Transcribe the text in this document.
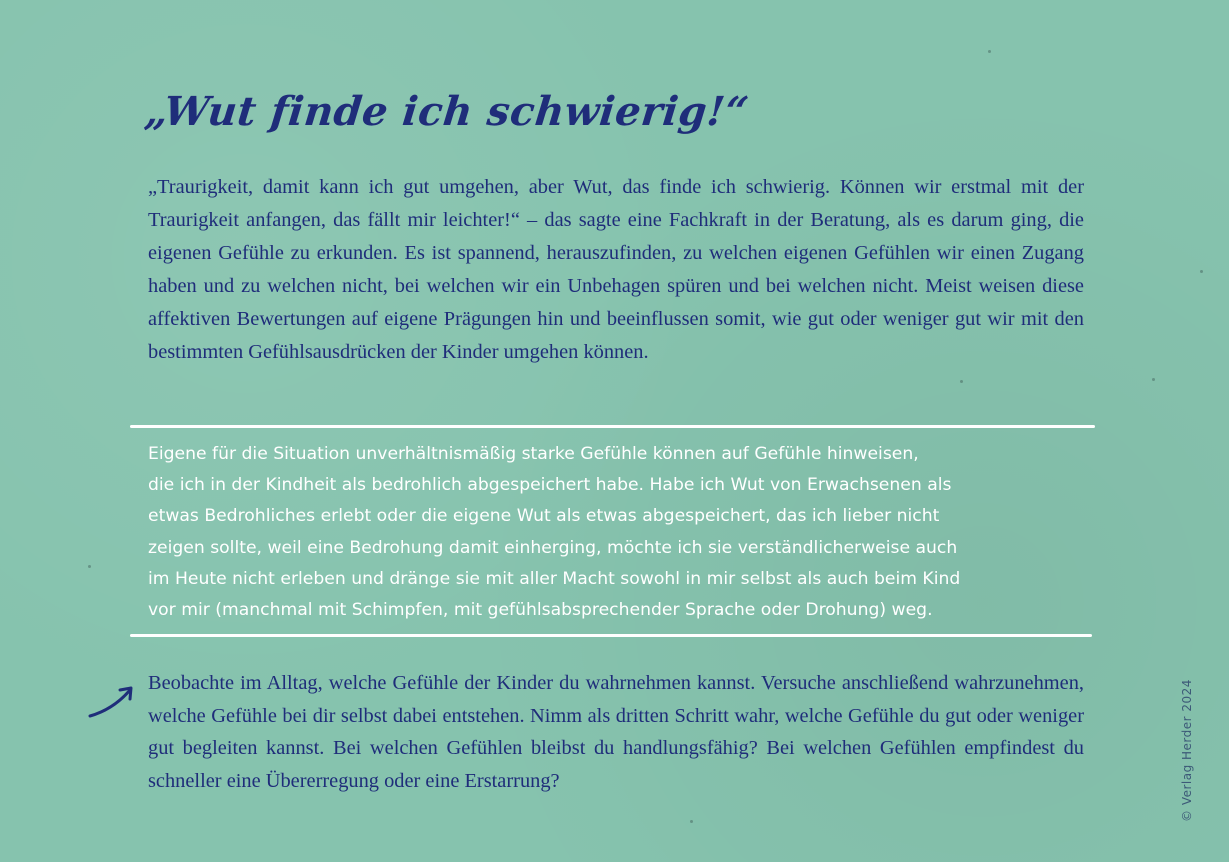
„Wut finde ich schwierig!“

„Traurigkeit, damit kann ich gut umgehen, aber Wut, das finde ich schwierig. Können wir erstmal mit der Traurigkeit anfangen, das fällt mir leichter!“ – das sagte eine Fachkraft in der Beratung, als es darum ging, die eigenen Gefühle zu erkunden. Es ist spannend, herauszufinden, zu welchen eigenen Gefühlen wir einen Zugang haben und zu welchen nicht, bei welchen wir ein Unbehagen spüren und bei welchen nicht. Meist weisen diese affektiven Bewertungen auf eigene Prägungen hin und beeinflussen somit, wie gut oder weniger gut wir mit den bestimmten Gefühlsausdrücken der Kinder umgehen können.

Eigene für die Situation unverhältnismäßig starke Gefühle können auf Gefühle hinweisen,
die ich in der Kindheit als bedrohlich abgespeichert habe. Habe ich Wut von Erwachsenen als
etwas Bedrohliches erlebt oder die eigene Wut als etwas abgespeichert, das ich lieber nicht
zeigen sollte, weil eine Bedrohung damit einherging, möchte ich sie verständlicherweise auch
im Heute nicht erleben und dränge sie mit aller Macht sowohl in mir selbst als auch beim Kind
vor mir (manchmal mit Schimpfen, mit gefühlsabsprechender Sprache oder Drohung) weg.

Beobachte im Alltag, welche Gefühle der Kinder du wahrnehmen kannst. Versuche anschließend wahrzunehmen, welche Gefühle bei dir selbst dabei entstehen. Nimm als dritten Schritt wahr, welche Gefühle du gut oder weniger gut begleiten kannst. Bei welchen Gefühlen bleibst du handlungsfähig? Bei welchen Gefühlen empfindest du schneller eine Übererregung oder eine Erstarrung?	© Verlag Herder 2024
